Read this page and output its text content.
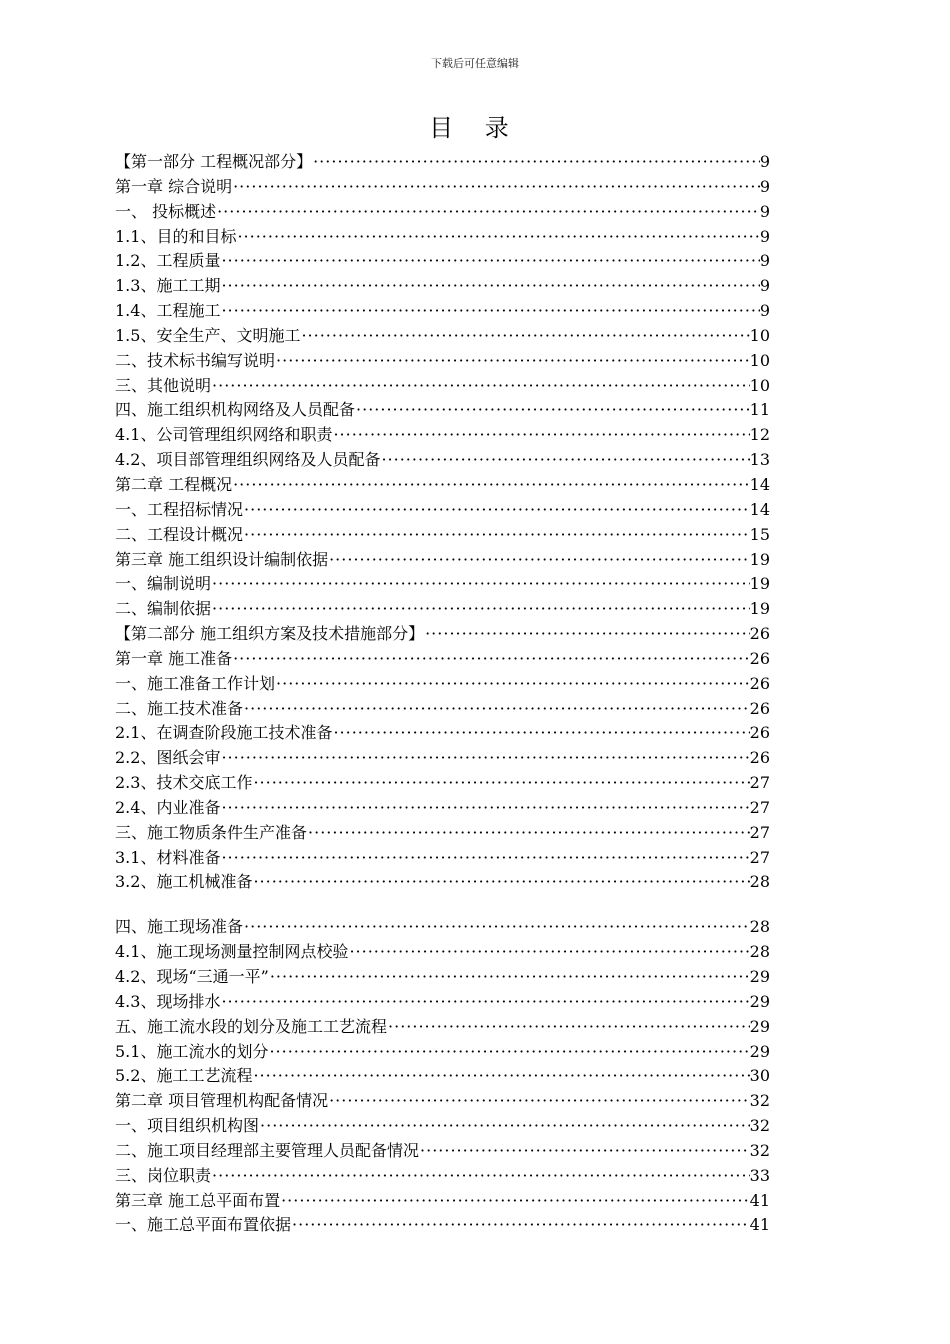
下载后可任意编辑
目 录
【第一部分 工程概况部分】 ·····	9
第一章 综合说明 ·····	9
一、 投标概述 ·····	9
1.1、目的和目标 ·····	9
1.2、工程质量 ·····	9
1.3、施工工期 ·····	9
1.4、工程施工 ·····	9
1.5、安全生产、文明施工 ·····	10
二、技术标书编写说明 ·····	10
三、其他说明 ·····	10
四、施工组织机构网络及人员配备 ·····	11
4.1、公司管理组织网络和职责 ·····	12
4.2、项目部管理组织网络及人员配备 ·····	13
第二章 工程概况 ·····	14
一、工程招标情况 ·····	14
二、工程设计概况 ·····	15
第三章 施工组织设计编制依据 ·····	19
一、编制说明 ·····	19
二、编制依据 ·····	19
【第二部分 施工组织方案及技术措施部分】 ·····	26
第一章 施工准备 ·····	26
一、施工准备工作计划 ·····	26
二、施工技术准备 ·····	26
2.1、在调查阶段施工技术准备 ·····	26
2.2、图纸会审 ·····	26
2.3、技术交底工作 ·····	27
2.4、内业准备 ·····	27
三、施工物质条件生产准备 ·····	27
3.1、材料准备 ·····	27
3.2、施工机械准备 ·····	28
四、施工现场准备 ·····	28
4.1、施工现场测量控制网点校验 ·····	28
4.2、现场“三通一平” ·····	29
4.3、现场排水 ·····	29
五、施工流水段的划分及施工工艺流程 ·····	29
5.1、施工流水的划分 ·····	29
5.2、施工工艺流程 ·····	30
第二章 项目管理机构配备情况 ·····	32
一、项目组织机构图 ·····	32
二、施工项目经理部主要管理人员配备情况 ·····	32
三、岗位职责 ·····	33
第三章 施工总平面布置 ·····	41
一、施工总平面布置依据 ·····	41
